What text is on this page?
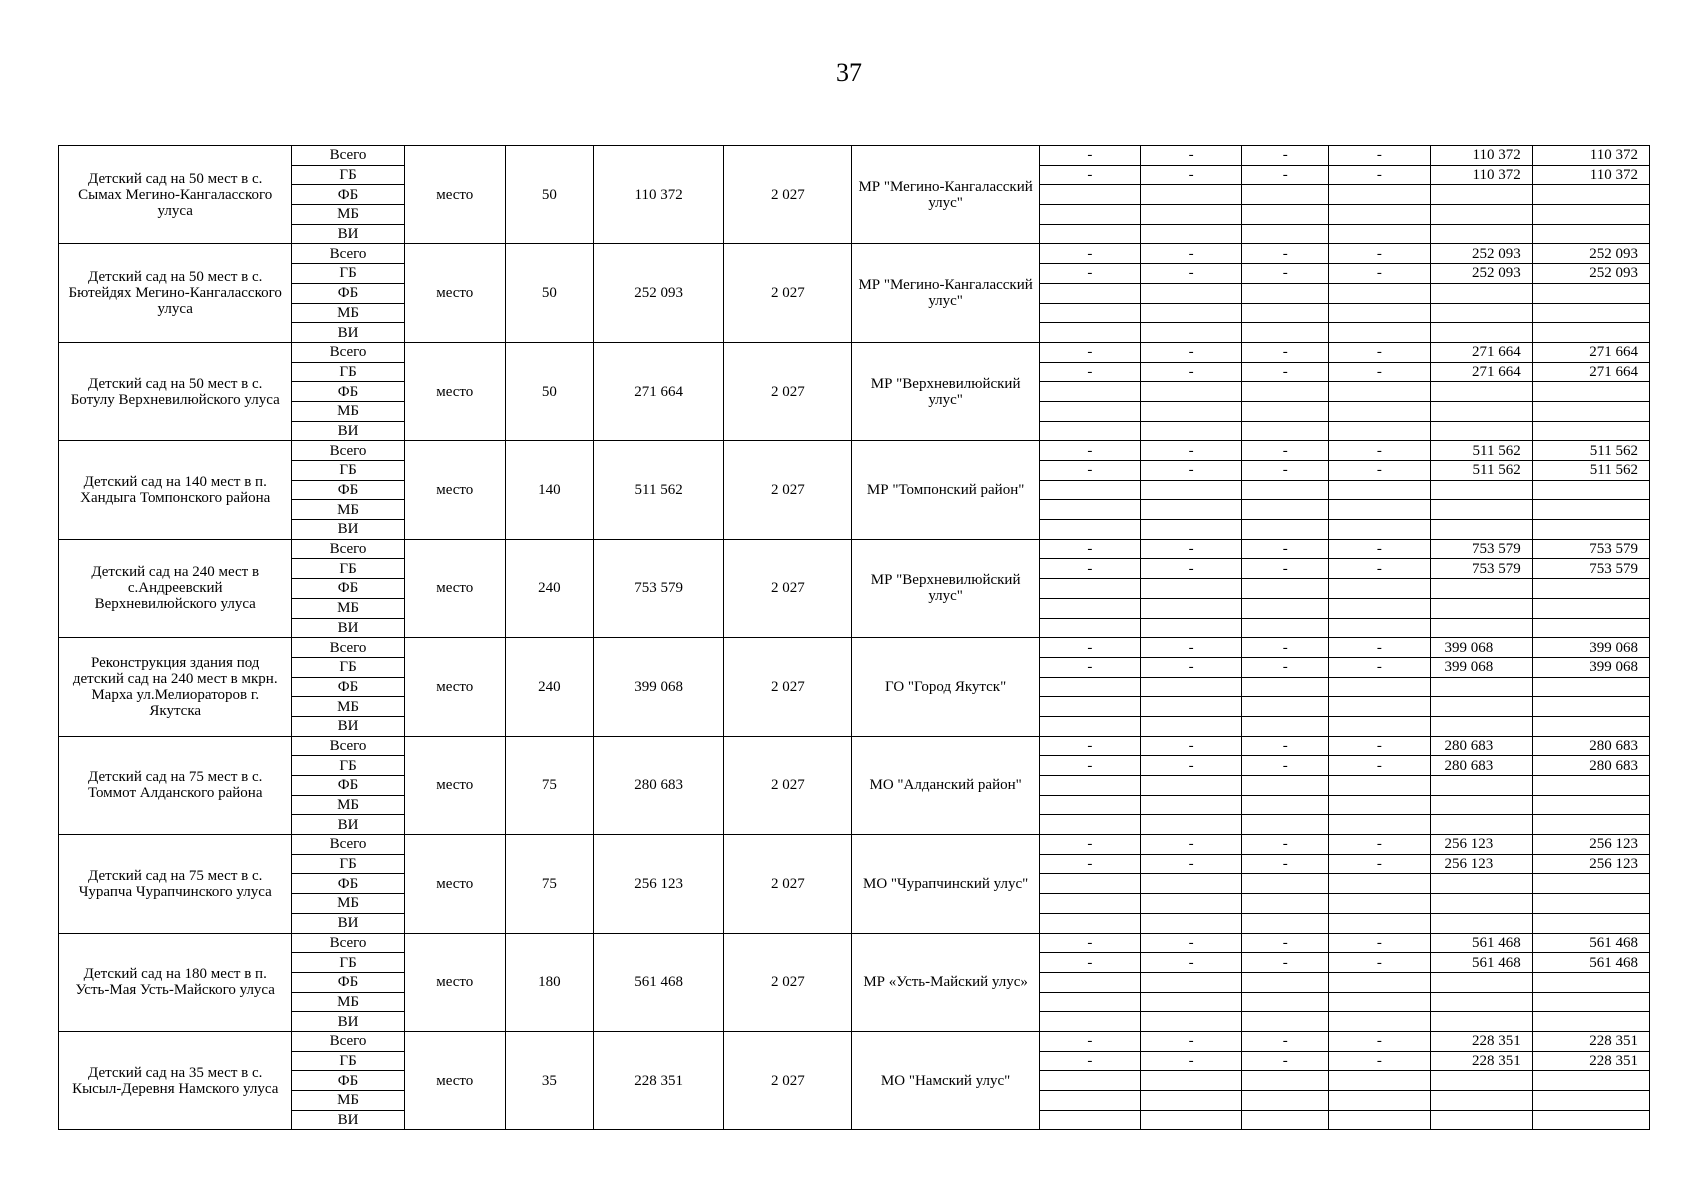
37
Детский сад на 50 мест в с. Сымах Мегино-Кангаласского улуса	Всего	место	50	110 372	2 027	МР "Мегино-Кангаласский улус"	-	-	-	-	110 372	110 372
	ГБ						-	-	-	-	110 372	110 372
	ФБ											
	МБ											
	ВИ											
Детский сад на 50 мест в с. Бютейдях Мегино-Кангаласского улуса	Всего	место	50	252 093	2 027	МР "Мегино-Кангаласский улус"	-	-	-	-	252 093	252 093
	ГБ						-	-	-	-	252 093	252 093
	ФБ											
	МБ											
	ВИ											
Детский сад на 50 мест в с. Ботулу Верхневилюйского улуса	Всего	место	50	271 664	2 027	МР "Верхневилюйский улус"	-	-	-	-	271 664	271 664
	ГБ						-	-	-	-	271 664	271 664
	ФБ											
	МБ											
	ВИ											
Детский сад на 140 мест в п. Хандыга Томпонского района	Всего	место	140	511 562	2 027	МР "Томпонский район"	-	-	-	-	511 562	511 562
	ГБ						-	-	-	-	511 562	511 562
	ФБ											
	МБ											
	ВИ											
Детский сад на 240 мест в с.Андреевский Верхневилюйского улуса	Всего	место	240	753 579	2 027	МР "Верхневилюйский улус"	-	-	-	-	753 579	753 579
	ГБ						-	-	-	-	753 579	753 579
	ФБ											
	МБ											
	ВИ											
Реконструкция здания под детский сад на 240 мест в мкрн. Марха ул.Мелиораторов г. Якутска	Всего	место	240	399 068	2 027	ГО "Город Якутск"	-	-	-	-	399 068	399 068
	ГБ						-	-	-	-	399 068	399 068
	ФБ											
	МБ											
	ВИ											
Детский сад на 75 мест в с. Томмот Алданского района	Всего	место	75	280 683	2 027	МО "Алданский район"	-	-	-	-	280 683	280 683
	ГБ						-	-	-	-	280 683	280 683
	ФБ											
	МБ											
	ВИ											
Детский сад на 75 мест в с. Чурапча Чурапчинского улуса	Всего	место	75	256 123	2 027	МО "Чурапчинский улус"	-	-	-	-	256 123	256 123
	ГБ						-	-	-	-	256 123	256 123
	ФБ											
	МБ											
	ВИ											
Детский сад на 180 мест в п. Усть-Мая Усть-Майского улуса	Всего	место	180	561 468	2 027	МР «Усть-Майский улус»	-	-	-	-	561 468	561 468
	ГБ						-	-	-	-	561 468	561 468
	ФБ											
	МБ											
	ВИ											
Детский сад на 35 мест в с. Кысыл-Деревня Намского улуса	Всего	место	35	228 351	2 027	МО "Намский улус"	-	-	-	-	228 351	228 351
	ГБ						-	-	-	-	228 351	228 351
	ФБ											
	МБ											
	ВИ											
